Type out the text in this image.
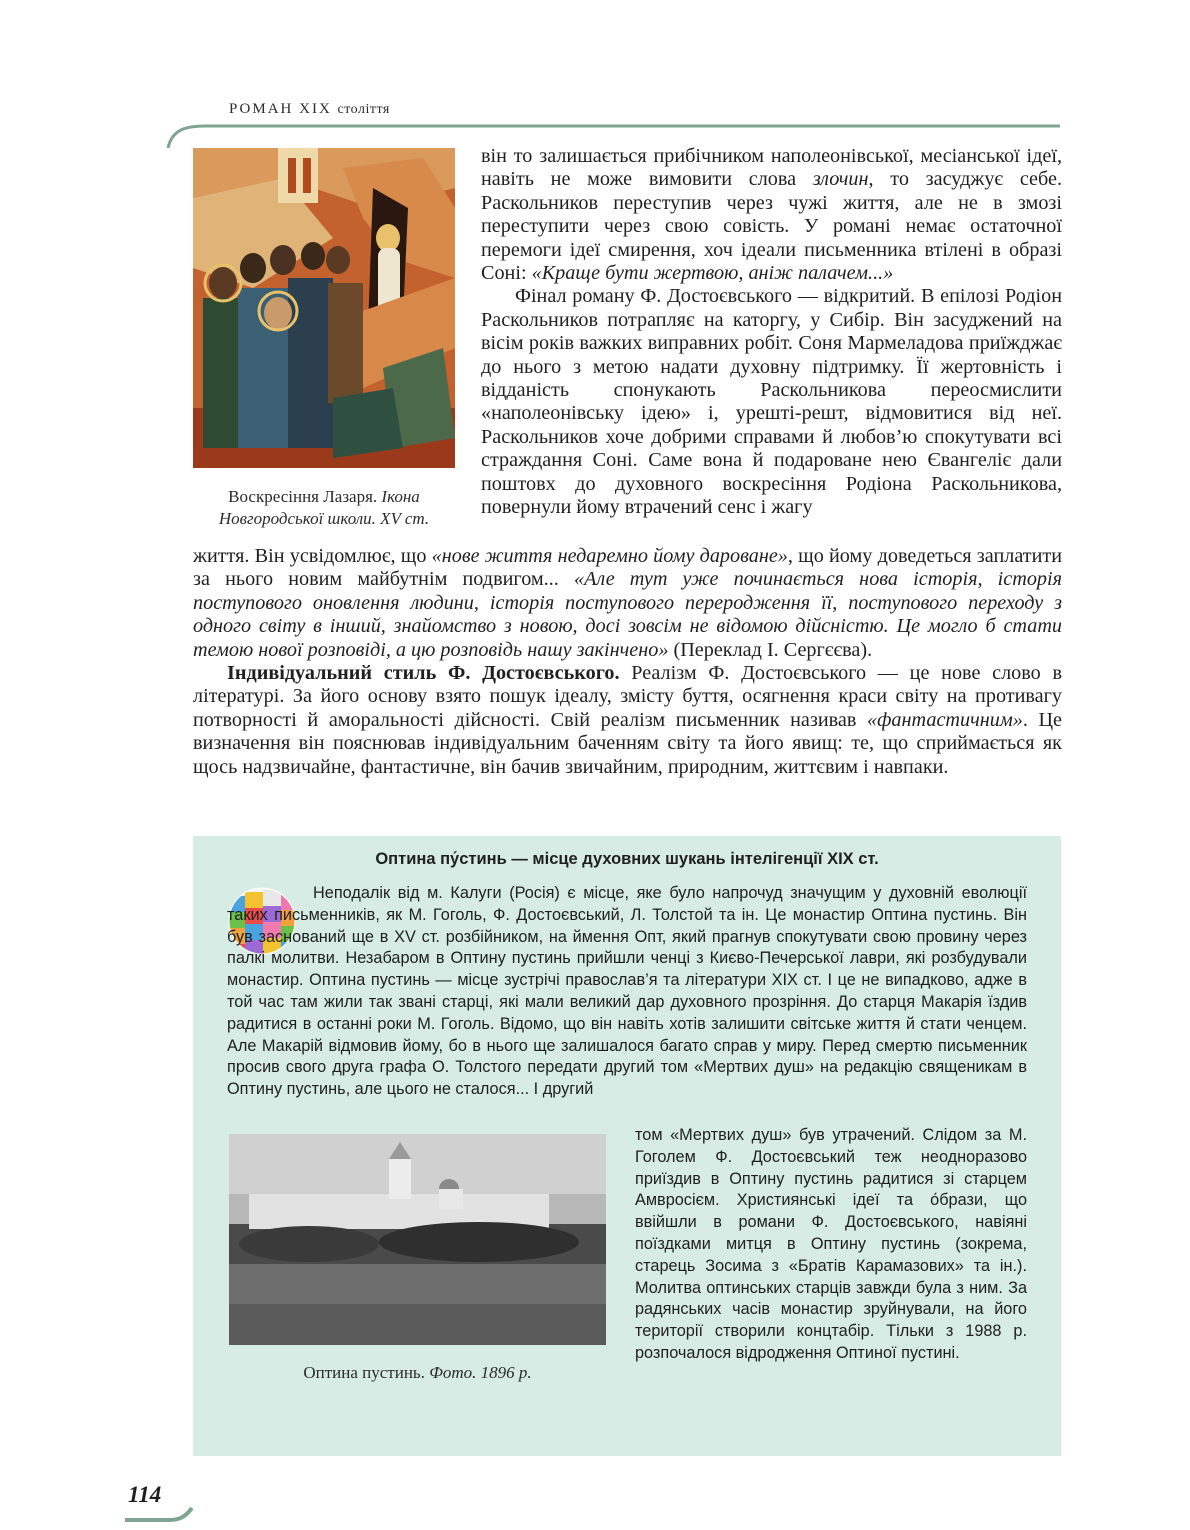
РОМАН XIX століття
Воскресіння Лазаря. Ікона Новгородської школи. XV ст.

він то залишається прибічником наполеонівської, месіанської ідеї, навіть не може вимовити слова злочин, то засуджує себе. Раскольников переступив через чужі життя, але не в змозі переступити через свою совість. У романі немає остаточної перемоги ідеї смирення, хоч ідеали письменника втілені в образі Соні: «Краще бути жертвою, аніж палачем...»

Фінал роману Ф. Достоєвського — відкритий. В епілозі Родіон Раскольников потрапляє на каторгу, у Сибір. Він засуджений на вісім років важких виправних робіт. Соня Мармеладова приїжджає до нього з метою надати духовну підтримку. Її жертовність і відданість спонукають Раскольникова переосмислити «наполеонівську ідею» і, урешті-решт, відмовитися від неї. Раскольников хоче добрими справами й любов’ю спокутувати всі страждання Соні. Саме вона й подароване нею Євангеліє дали поштовх до духовного воскресіння Родіона Раскольникова, повернули йому втрачений сенс і жагу

життя. Він усвідомлює, що «нове життя недаремно йому дароване», що йому доведеться заплатити за нього новим майбутнім подвигом... «Але тут уже починається нова історія, історія поступового оновлення людини, історія поступового переродження її, поступового переходу з одного світу в інший, знайомство з новою, досі зовсім не відомою дійсністю. Це могло б стати темою нової розповіді, а цю розповідь нашу закінчено» (Переклад І. Сергєєва).

Індивідуальний стиль Ф. Достоєвського. Реалізм Ф. Достоєвського — це нове слово в літературі. За його основу взято пошук ідеалу, змісту буття, осягнення краси світу на противагу потворності й аморальності дійсності. Свій реалізм письменник називав «фантастичним». Це визначення він пояснював індивідуальним баченням світу та його явищ: те, що сприймається як щось надзвичайне, фантастичне, він бачив звичайним, природним, життєвим і навпаки.

Оптина пу́стинь — місце духовних шукань інтелігенції XIX ст.

Неподалік від м. Калуги (Росія) є місце, яке було напрочуд значущим у духовній еволюції таких письменників, як М. Гоголь, Ф. Достоєвський, Л. Толстой та ін. Це монастир Оптина пустинь. Він був заснований ще в XV ст. розбійником, на ймення Опт, який прагнув спокутувати свою провину через палкі молитви. Незабаром в Оптину пустинь прийшли ченці з Києво-Печерської лаври, які розбудували монастир. Оптина пустинь — місце зустрічі православ’я та літератури XIX ст. І це не випадково, адже в той час там жили так звані старці, які мали великий дар духовного прозріння. До старця Макарія їздив радитися в останні роки М. Гоголь. Відомо, що він навіть хотів залишити світське життя й стати ченцем. Але Макарій відмовив йому, бо в нього ще залишалося багато справ у миру. Перед смертю письменник просив свого друга графа О. Толстого передати другий том «Мертвих душ» на редакцію священикам в Оптину пустинь, але цього не сталося... І другий

Оптина пустинь. Фото. 1896 р.

том «Мертвих душ» був утрачений. Слідом за М. Гоголем Ф. Достоєвський теж неодноразово приїздив в Оптину пустинь радитися зі старцем Амвросієм. Християнські ідеї та о́брази, що ввійшли в романи Ф. Достоєвського, навіяні поїздками митця в Оптину пустинь (зокрема, старець Зосима з «Братів Карамазових» та ін.). Молитва оптинських старців завжди була з ним. За радянських часів монастир зруйнували, на його території створили концтабір. Тільки з 1988 р. розпочалося відродження Оптиної пустині.

114
